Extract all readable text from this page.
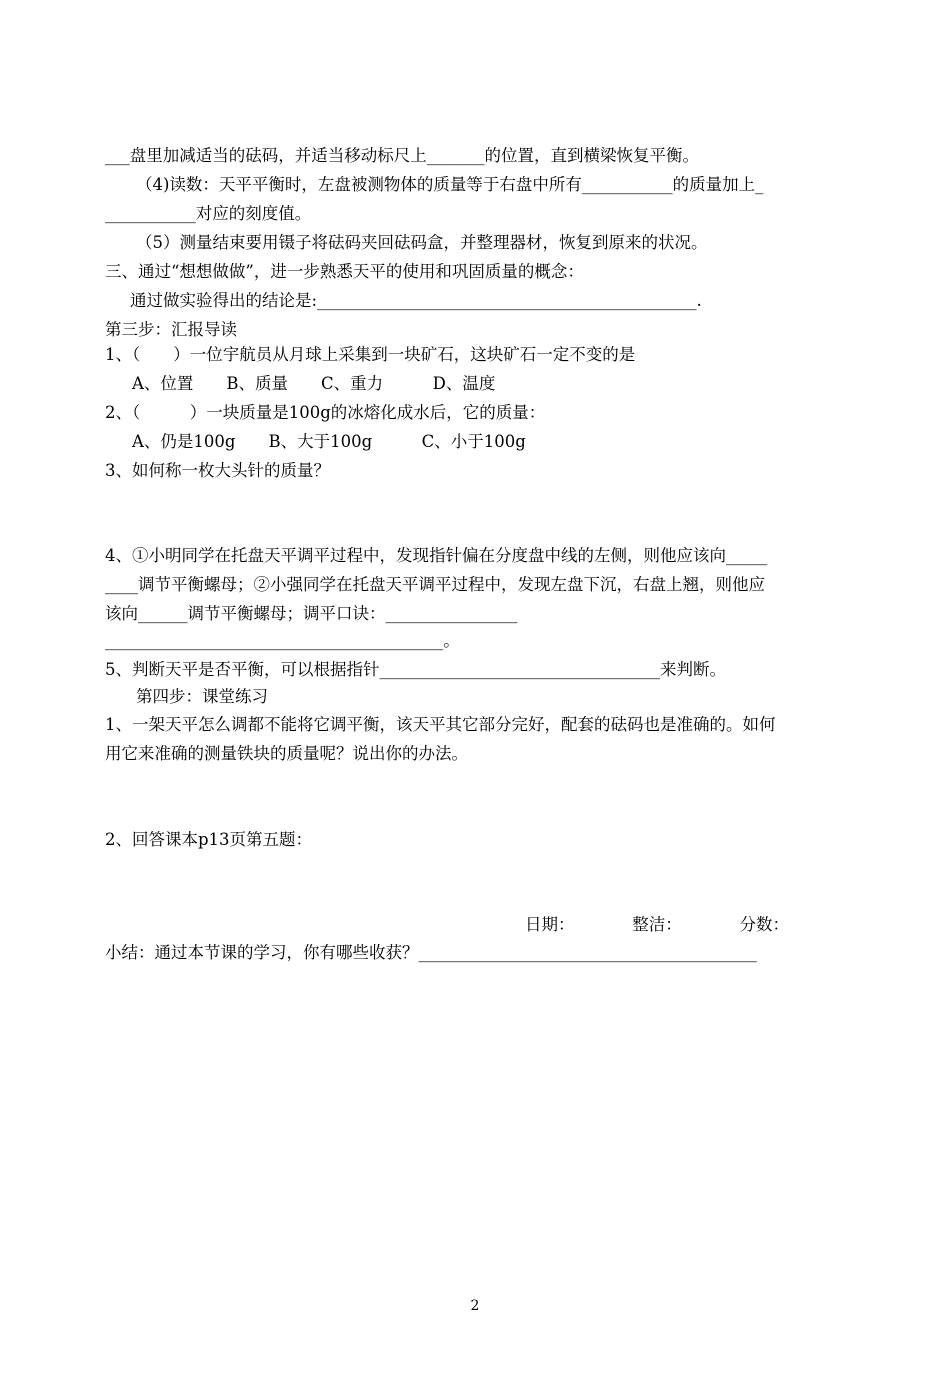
___盘里加减适当的砝码，并适当移动标尺上_______的位置，直到横梁恢复平衡。
（4)读数：天平平衡时，左盘被测物体的质量等于右盘中所有___________的质量加上_
___________对应的刻度值。
（5）测量结束要用镊子将砝码夹回砝码盒，并整理器材，恢复到原来的状况。
三、通过“想想做做”，进一步熟悉天平的使用和巩固质量的概念：
通过做实验得出的结论是:______________________________________________.
第三步：汇报导读
1、（　　）一位宇航员从月球上采集到一块矿石，这块矿石一定不变的是
A、位置　　B、质量　　C、重力　　　D、温度
2、（　　　）一块质量是100g的冰熔化成水后，它的质量：
A、仍是100g　　B、大于100g　　　C、小于100g
3、如何称一枚大头针的质量？
4、①小明同学在托盘天平调平过程中，发现指针偏在分度盘中线的左侧，则他应该向_____
____调节平衡螺母；②小强同学在托盘天平调平过程中，发现左盘下沉，右盘上翘，则他应
该向______调节平衡螺母；调平口诀：________________
_________________________________________。
5、判断天平是否平衡，可以根据指针__________________________________来判断。
第四步：课堂练习
1、一架天平怎么调都不能将它调平衡，该天平其它部分完好，配套的砝码也是准确的。如何
用它来准确的测量铁块的质量呢？说出你的办法。
2、回答课本p13页第五题：
日期：　　　　整洁：　　　　分数：
小结：通过本节课的学习，你有哪些收获？_________________________________________
2
